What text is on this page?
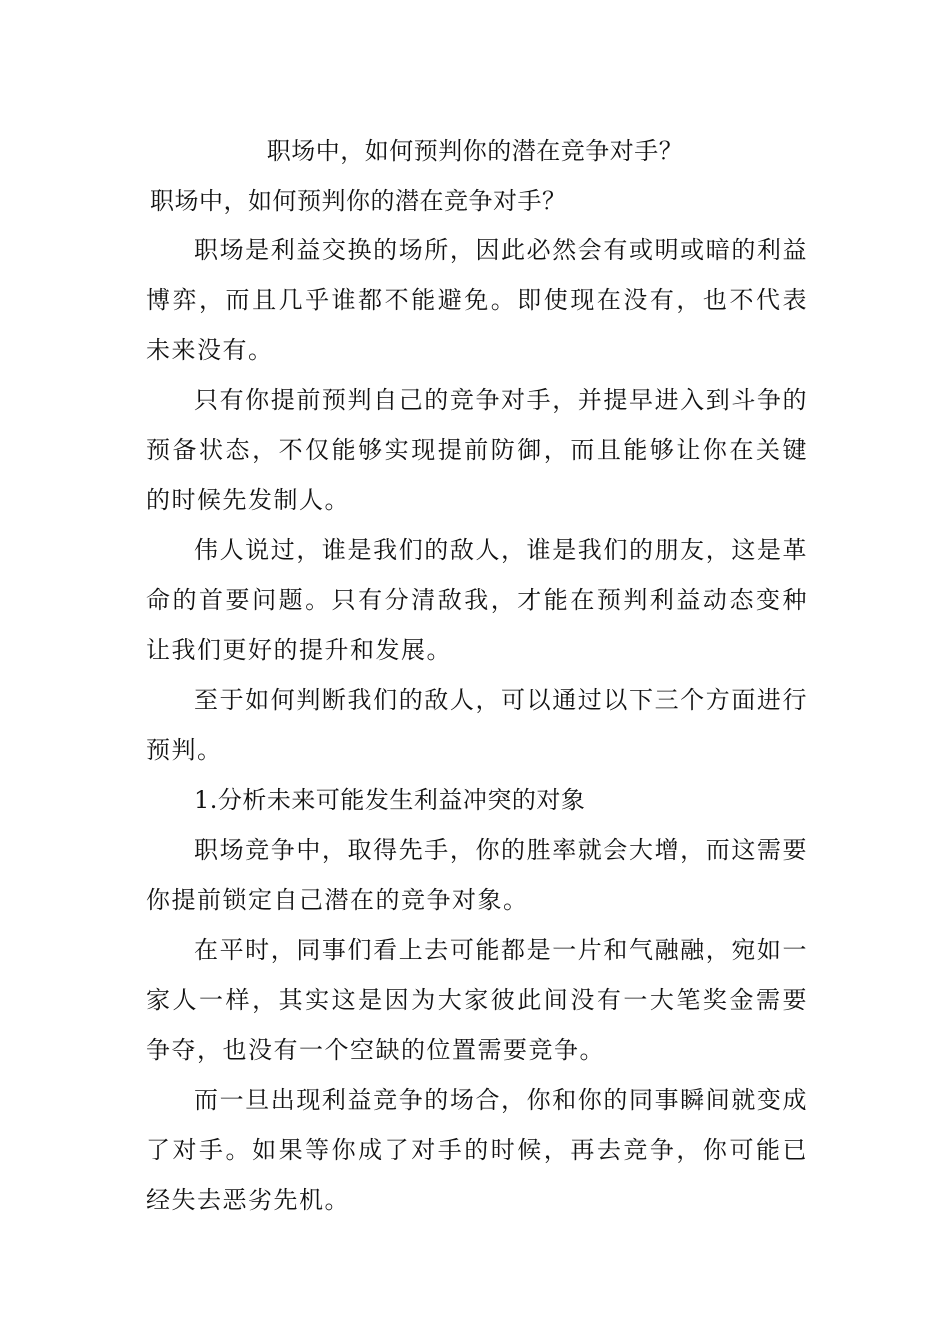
职场中，如何预判你的潜在竞争对手？
职场中，如何预判你的潜在竞争对手？

职场是利益交换的场所，因此必然会有或明或暗的利益博弈，而且几乎谁都不能避免。即使现在没有，也不代表未来没有。

只有你提前预判自己的竞争对手，并提早进入到斗争的预备状态，不仅能够实现提前防御，而且能够让你在关键的时候先发制人。

伟人说过，谁是我们的敌人，谁是我们的朋友，这是革命的首要问题。只有分清敌我，才能在预判利益动态变种让我们更好的提升和发展。

至于如何判断我们的敌人，可以通过以下三个方面进行预判。

1.分析未来可能发生利益冲突的对象

职场竞争中，取得先手，你的胜率就会大增，而这需要你提前锁定自己潜在的竞争对象。

在平时，同事们看上去可能都是一片和气融融，宛如一家人一样，其实这是因为大家彼此间没有一大笔奖金需要争夺，也没有一个空缺的位置需要竞争。

而一旦出现利益竞争的场合，你和你的同事瞬间就变成了对手。如果等你成了对手的时候，再去竞争，你可能已经失去恶劣先机。
